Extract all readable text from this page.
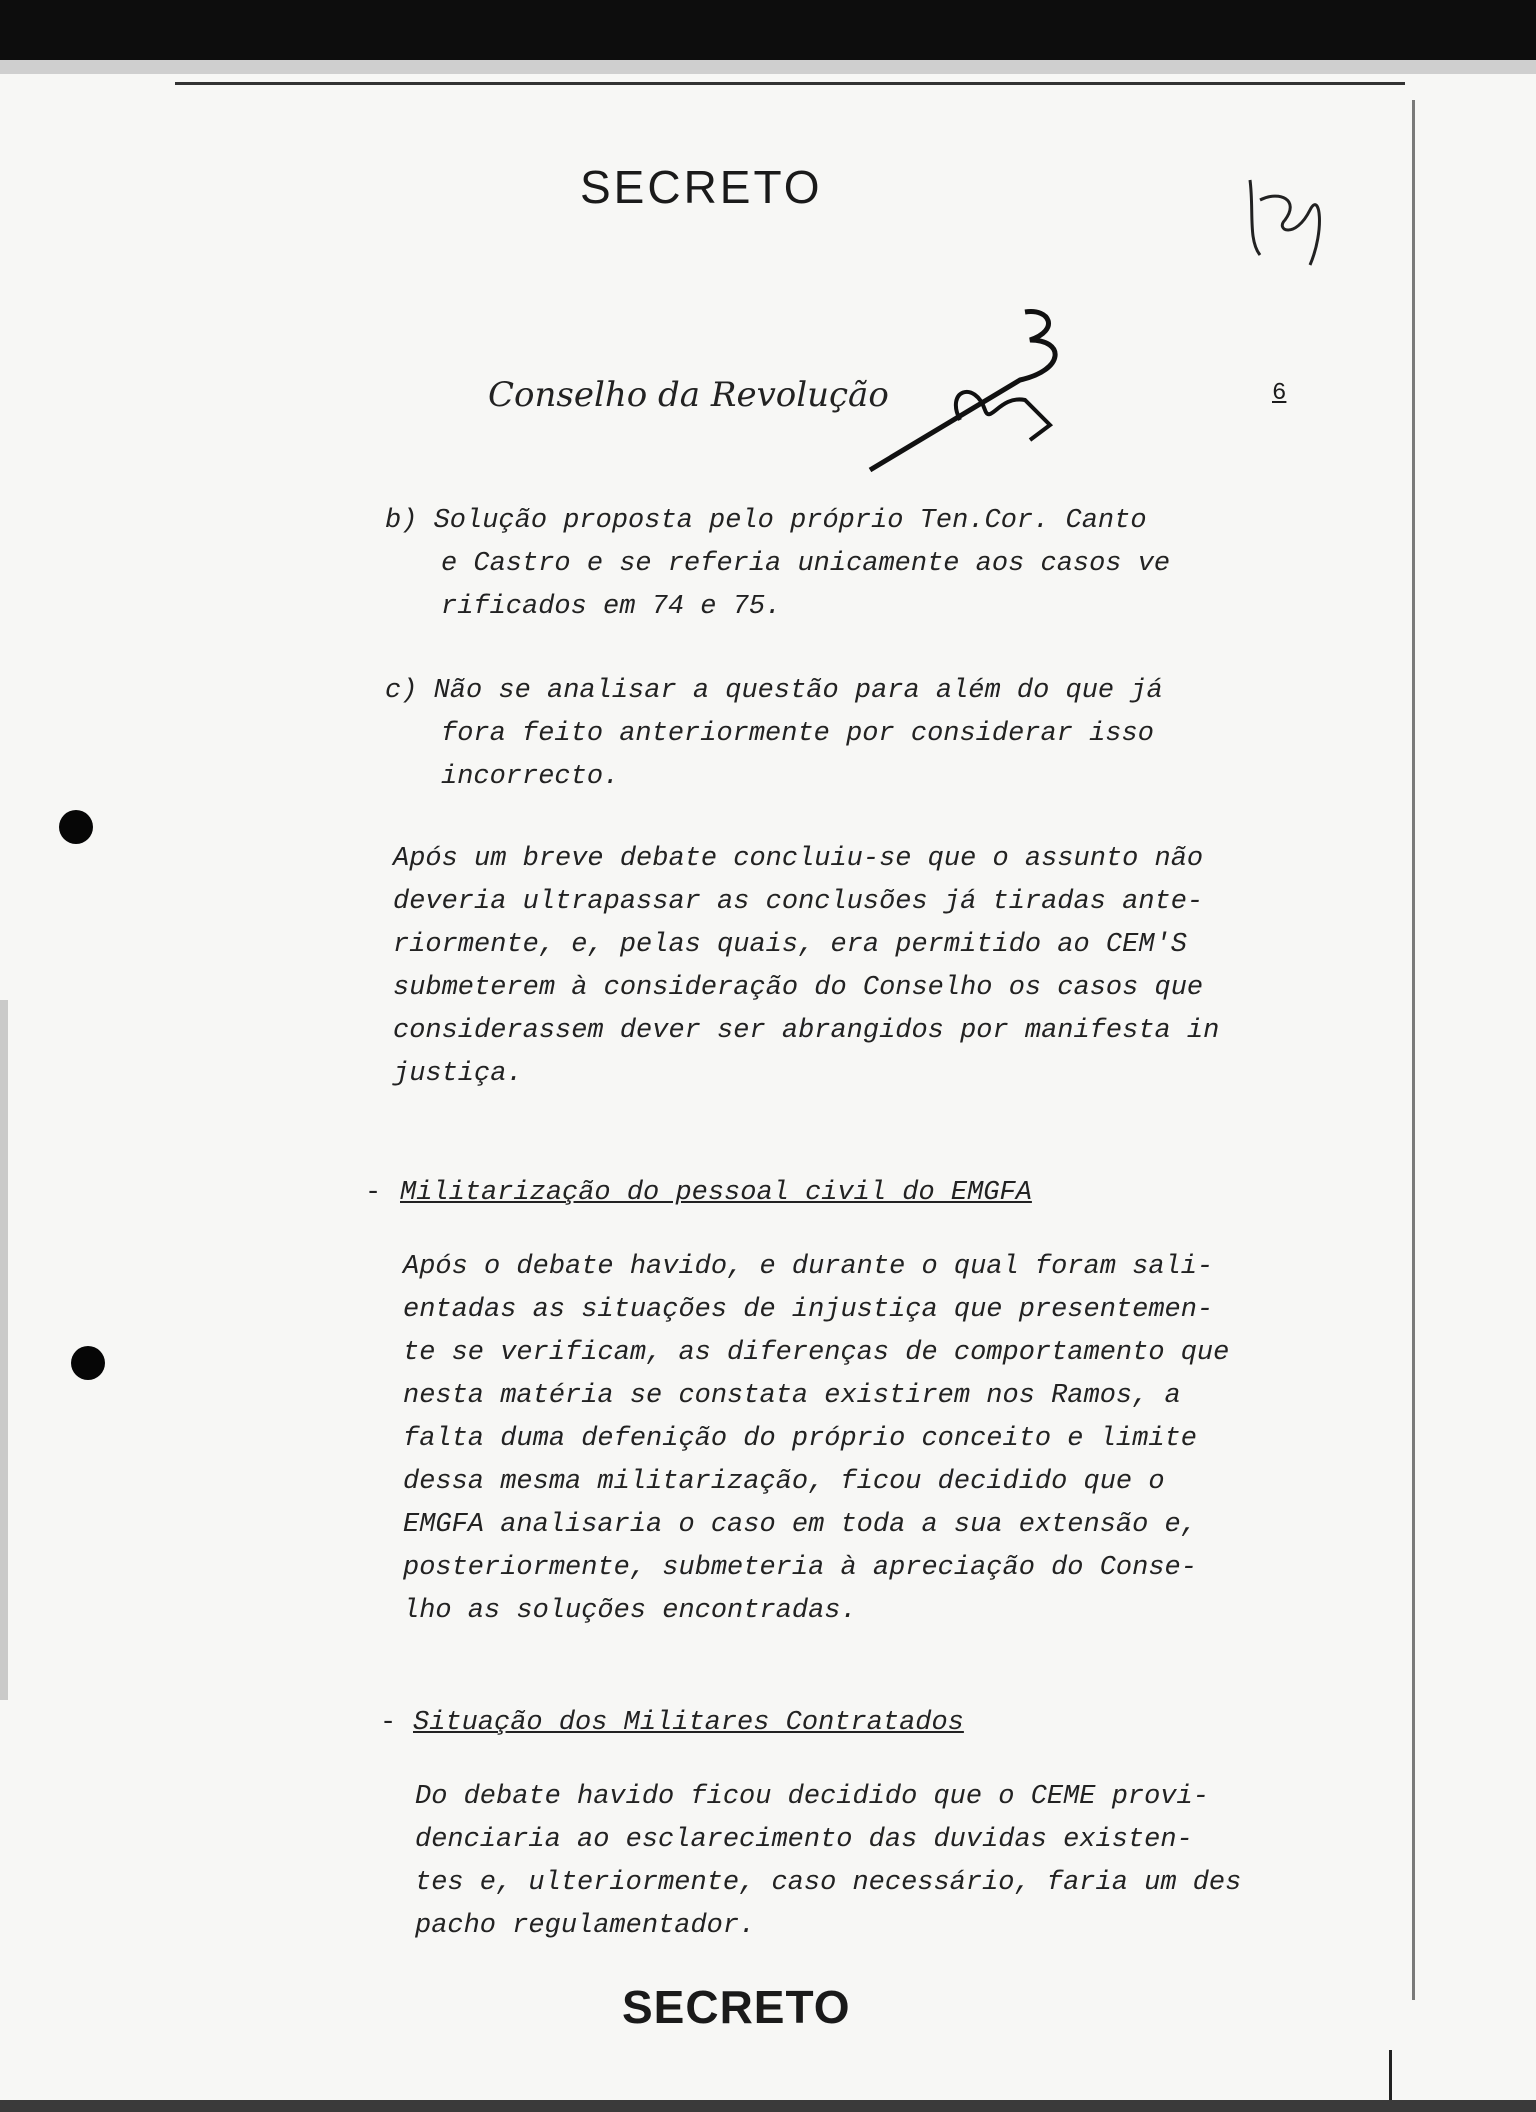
SECRETO
Conselho da Revolução	6
b) Solução proposta pelo próprio Ten.Cor. Canto
e Castro e se referia unicamente aos casos ve
rificados em 74 e 75.
c) Não se analisar a questão para além do que já
fora feito anteriormente por considerar isso
incorrecto.
Após um breve debate concluiu-se que o assunto não
deveria ultrapassar as conclusões já tiradas ante-
riormente, e, pelas quais, era permitido ao CEM'S
submeterem à consideração do Conselho os casos que
considerassem dever ser abrangidos por manifesta in
justiça.
- Militarização do pessoal civil do EMGFA
Após o debate havido, e durante o qual foram sali-
entadas as situações de injustiça que presentemen-
te se verificam, as diferenças de comportamento que
nesta matéria se constata existirem nos Ramos, a
falta duma defenição do próprio conceito e limite
dessa mesma militarização, ficou decidido que o
EMGFA analisaria o caso em toda a sua extensão e,
posteriormente, submeteria à apreciação do Conse-
lho as soluções encontradas.
- Situação dos Militares Contratados
Do debate havido ficou decidido que o CEME provi-
denciaria ao esclarecimento das duvidas existen-
tes e, ulteriormente, caso necessário, faria um des
pacho regulamentador.
SECRETO
